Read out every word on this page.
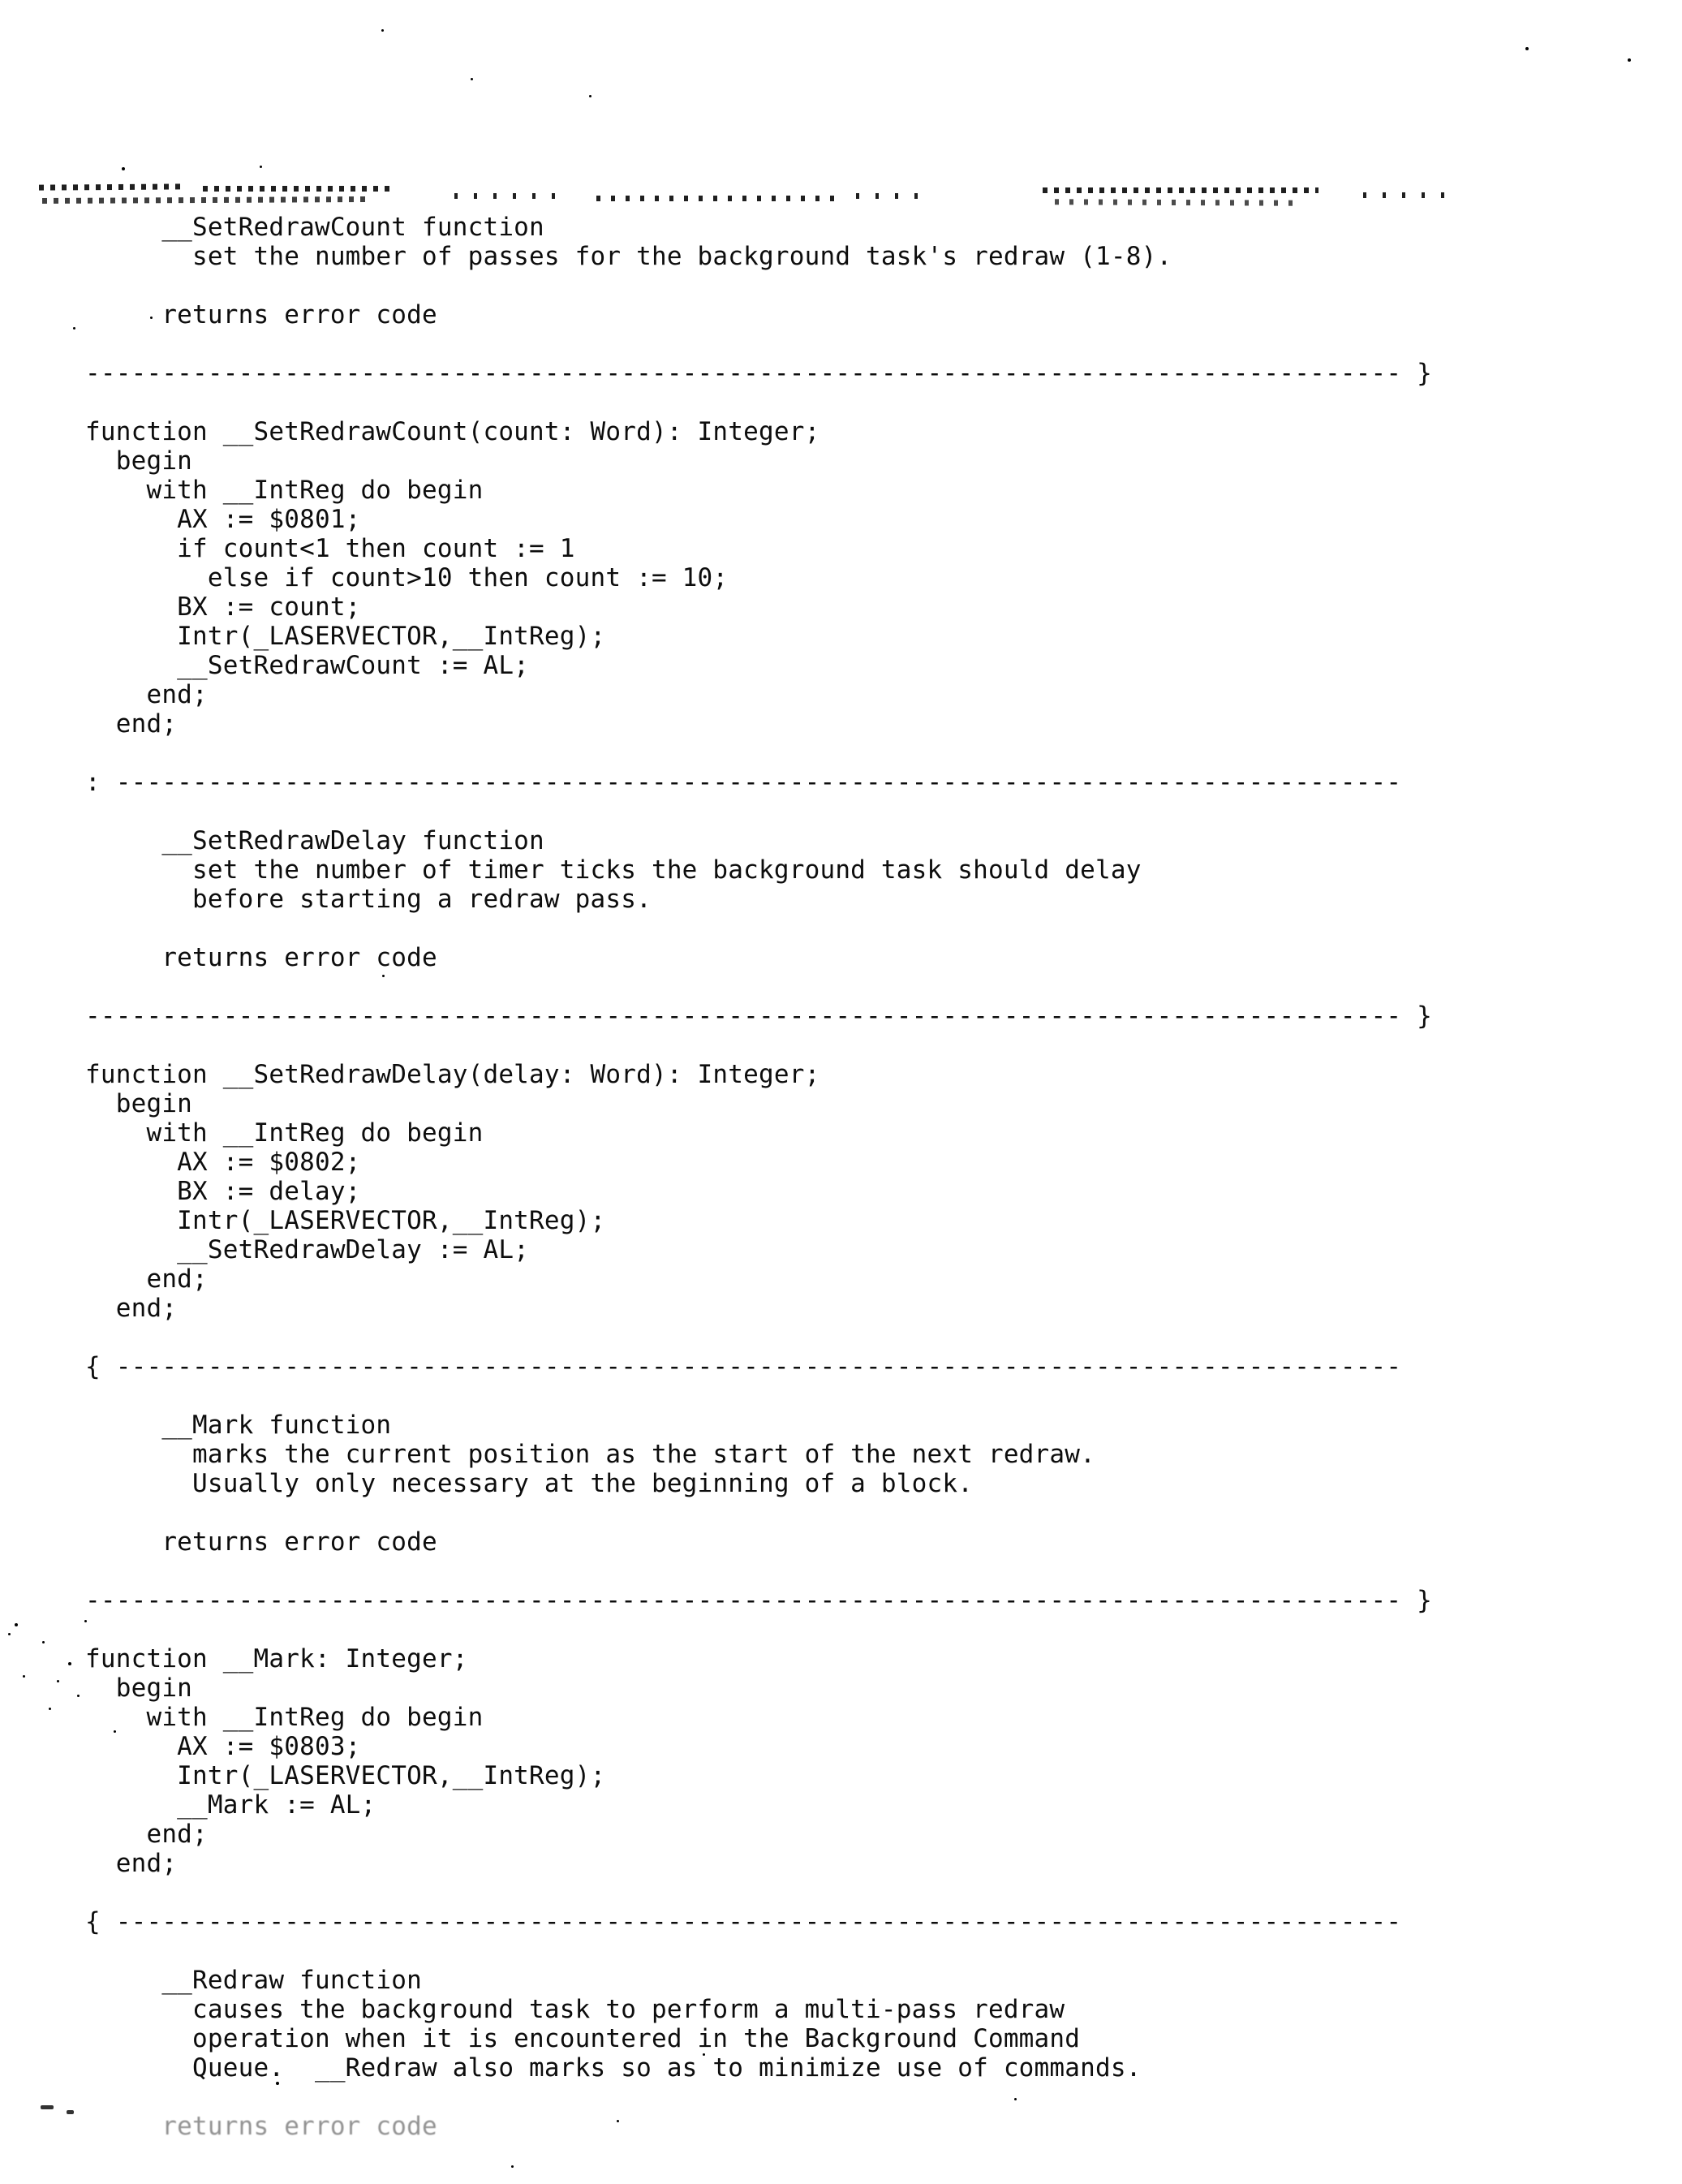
__SetRedrawCount function
set the number of passes for the background task's redraw (1-8).
returns error code
-------------------------------------------------------------------------------------- }
function __SetRedrawCount(count: Word): Integer;
begin
with __IntReg do begin
AX := $0801;
if count<1 then count := 1
else if count>10 then count := 10;
BX := count;
Intr(_LASERVECTOR,__IntReg);
__SetRedrawCount := AL;
end;
end;
: ------------------------------------------------------------------------------------
__SetRedrawDelay function
set the number of timer ticks the background task should delay
before starting a redraw pass.
returns error code
-------------------------------------------------------------------------------------- }
function __SetRedrawDelay(delay: Word): Integer;
begin
with __IntReg do begin
AX := $0802;
BX := delay;
Intr(_LASERVECTOR,__IntReg);
__SetRedrawDelay := AL;
end;
end;
{ ------------------------------------------------------------------------------------
__Mark function
marks the current position as the start of the next redraw.
Usually only necessary at the beginning of a block.
returns error code
-------------------------------------------------------------------------------------- }
function __Mark: Integer;
begin
with __IntReg do begin
AX := $0803;
Intr(_LASERVECTOR,__IntReg);
__Mark := AL;
end;
end;
{ ------------------------------------------------------------------------------------
__Redraw function
causes the background task to perform a multi-pass redraw
operation when it is encountered in the Background Command
Queue.  __Redraw also marks so as to minimize use of commands.
returns error code
